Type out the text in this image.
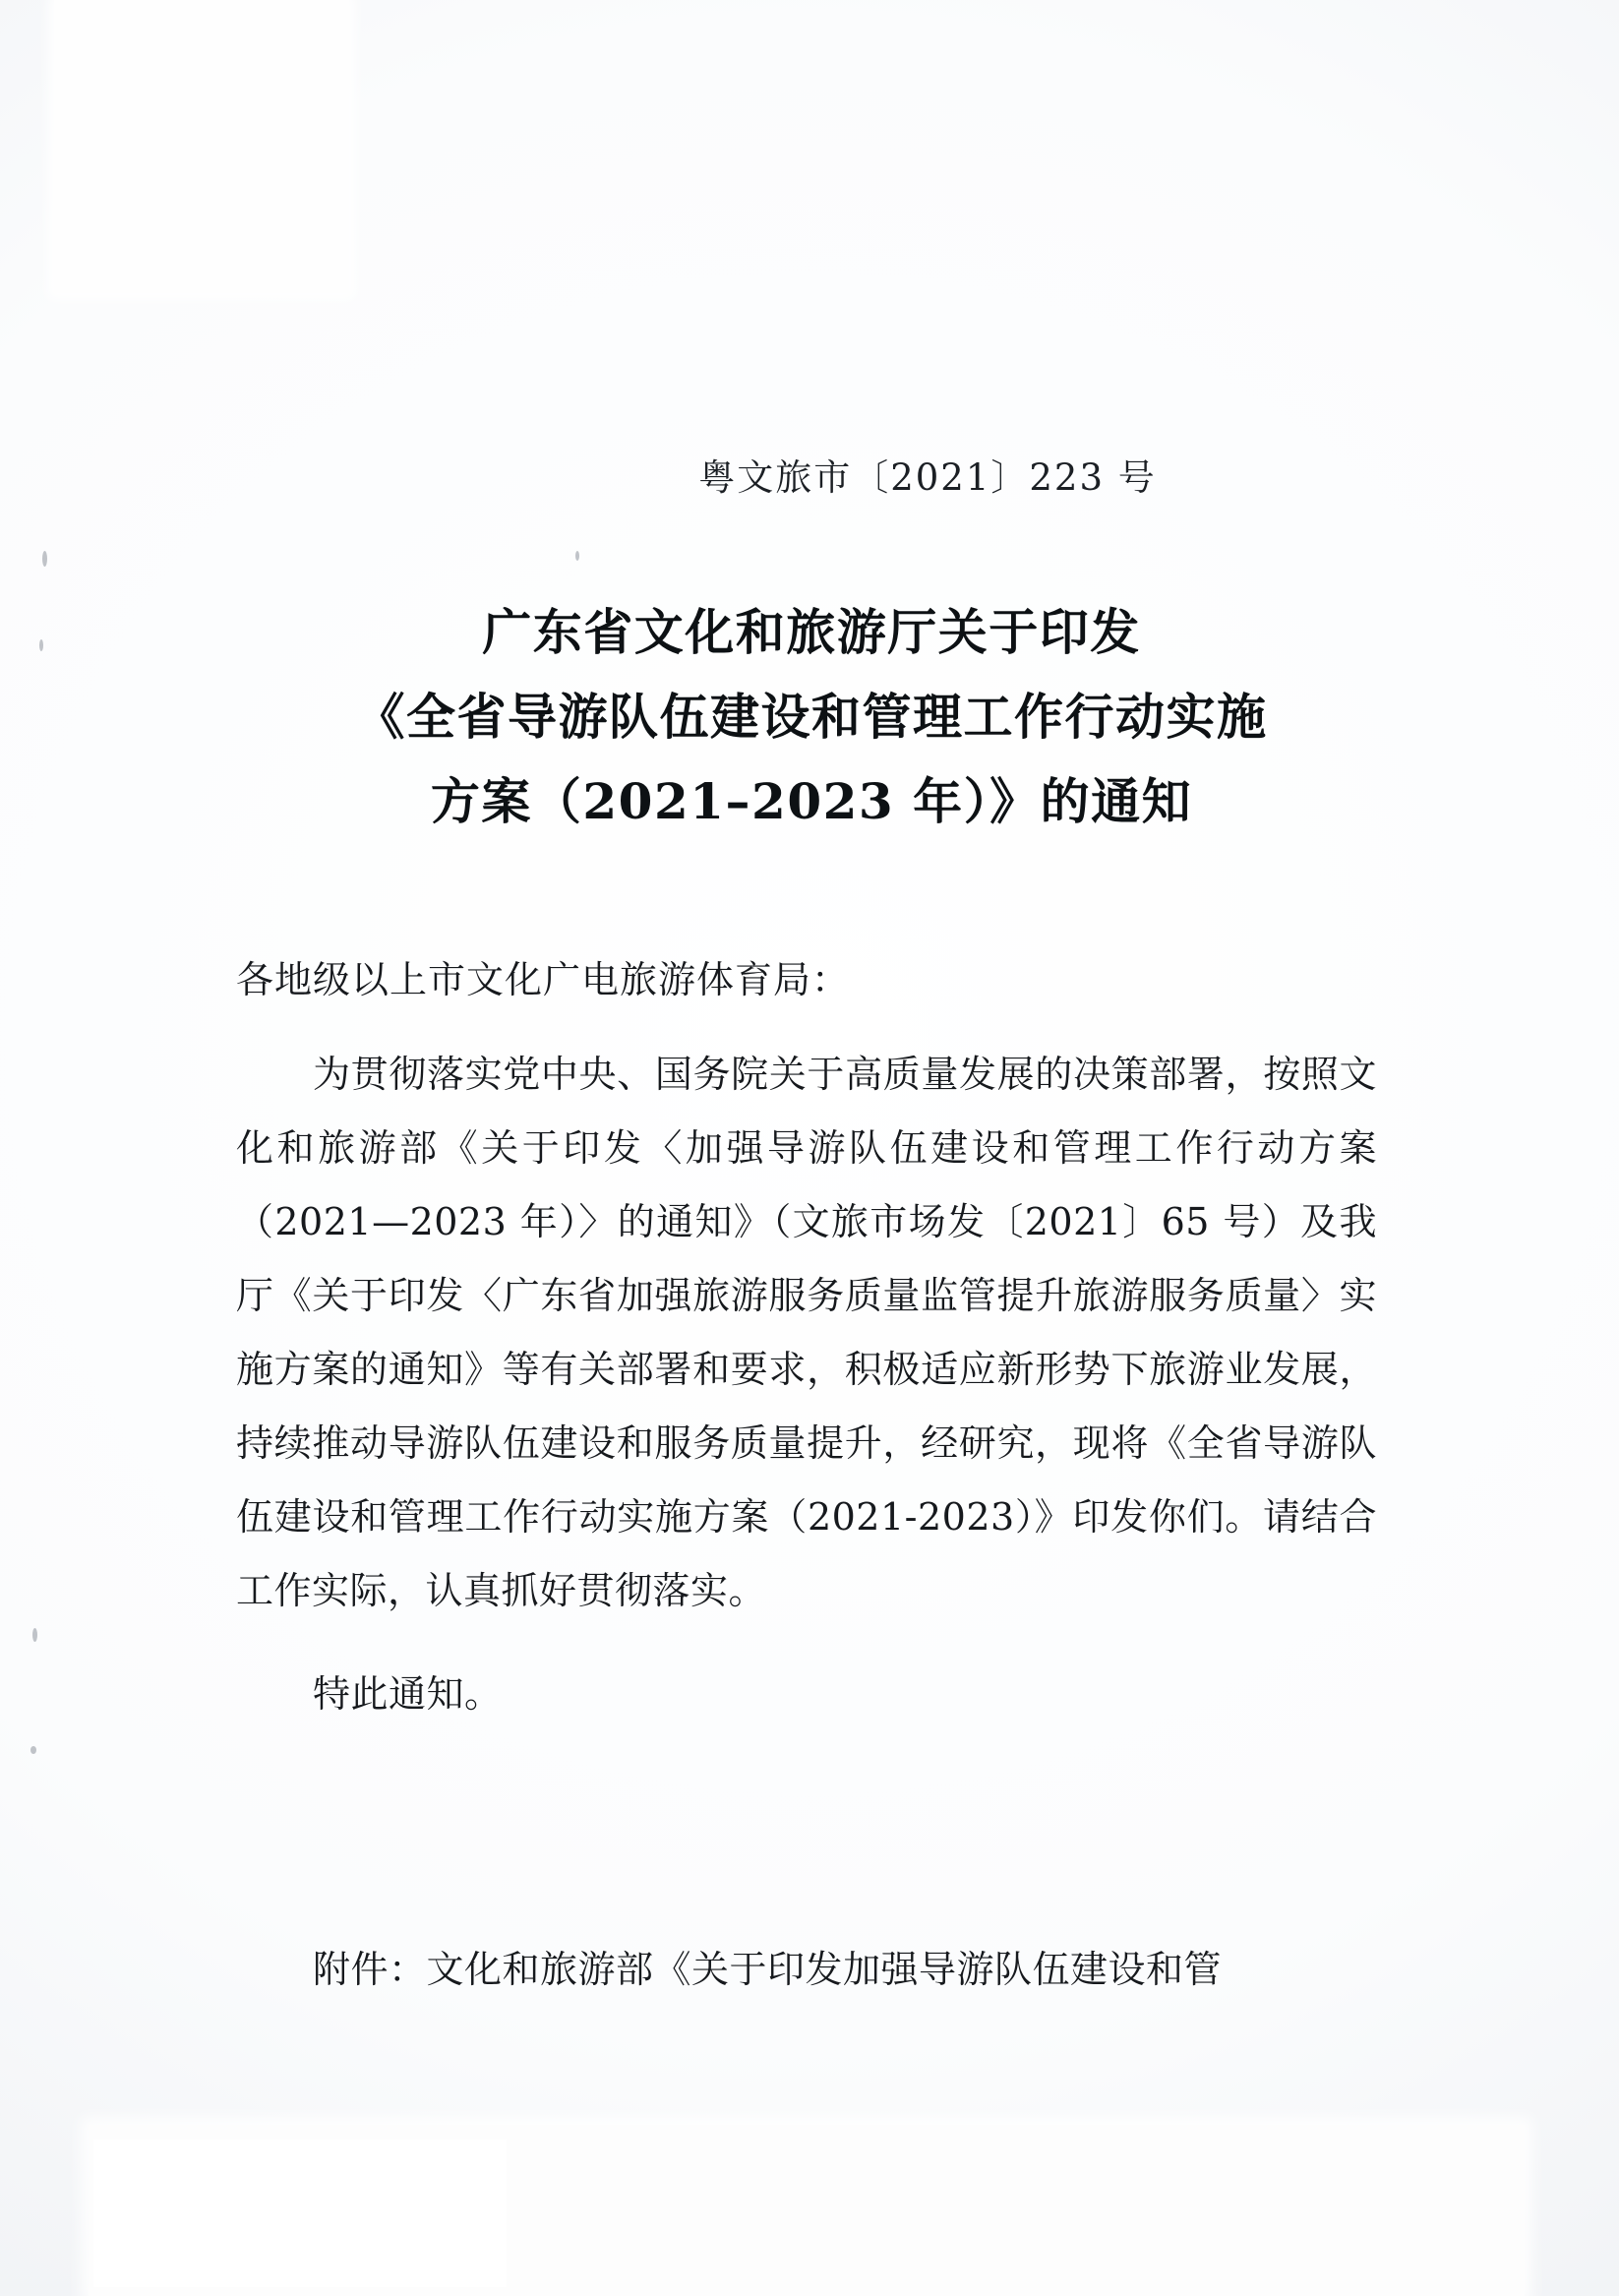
粤文旅市〔2021〕223 号
广东省文化和旅游厅关于印发
《全省导游队伍建设和管理工作行动实施
方案（2021–2023 年）》的通知
各地级以上市文化广电旅游体育局：

为贯彻落实党中央、国务院关于高质量发展的决策部署，按照文化和旅游部《关于印发〈加强导游队伍建设和管理工作行动方案（2021—2023 年）〉的通知》（文旅市场发〔2021〕65 号）及我厅《关于印发〈广东省加强旅游服务质量监管提升旅游服务质量〉实施方案的通知》等有关部署和要求，积极适应新形势下旅游业发展，持续推动导游队伍建设和服务质量提升，经研究，现将《全省导游队伍建设和管理工作行动实施方案（2021-2023）》印发你们。请结合工作实际，认真抓好贯彻落实。

特此通知。

附件：文化和旅游部《关于印发加强导游队伍建设和管
